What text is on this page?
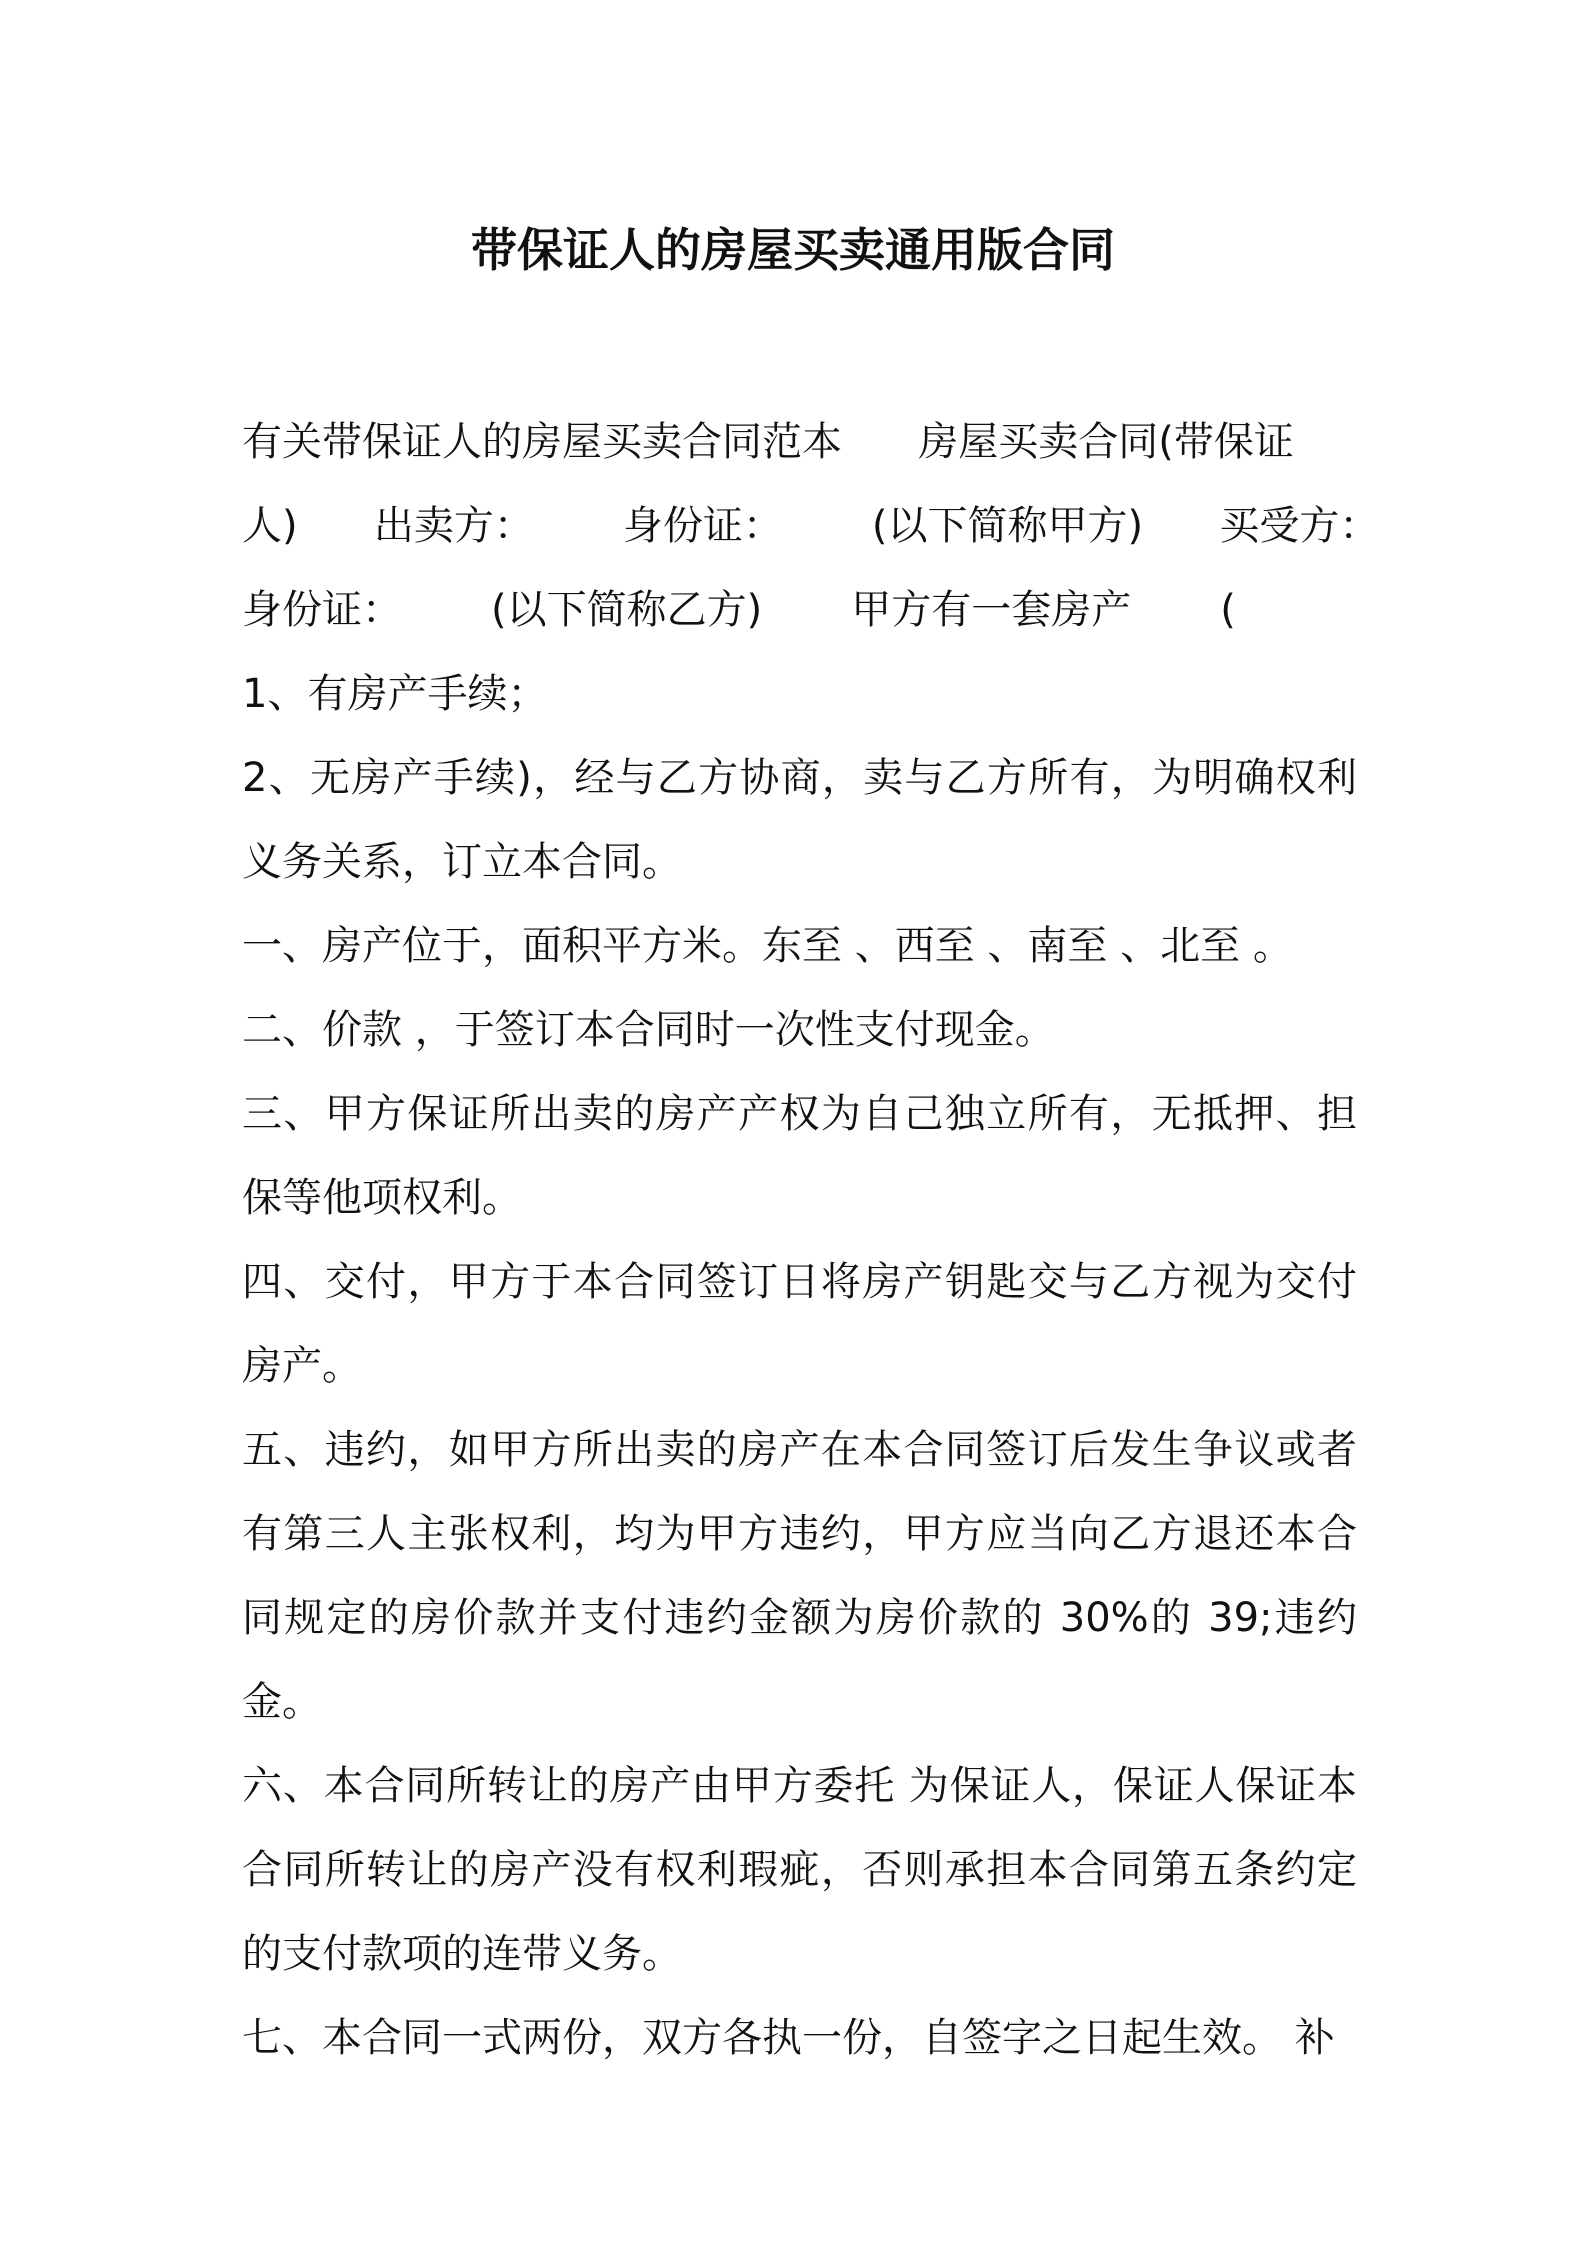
带保证人的房屋买卖通用版合同

有关带保证人的房屋买卖合同范本      房屋买卖合同(带保证

人)      出卖方：       身份证：       (以下简称甲方)      买受方：

身份证：       (以下简称乙方)       甲方有一套房产       (

1、有房产手续；

2、无房产手续)，经与乙方协商，卖与乙方所有，为明确权利义务关系，订立本合同。

一、房产位于，面积平方米。东至 、西至 、南至 、北至 。

二、价款 ，于签订本合同时一次性支付现金。

三、甲方保证所出卖的房产产权为自己独立所有，无抵押、担保等他项权利。

四、交付，甲方于本合同签订日将房产钥匙交与乙方视为交付房产。

五、违约，如甲方所出卖的房产在本合同签订后发生争议或者有第三人主张权利，均为甲方违约，甲方应当向乙方退还本合同规定的房价款并支付违约金额为房价款的 30%的 39;违约金。

六、本合同所转让的房产由甲方委托 为保证人，保证人保证本合同所转让的房产没有权利瑕疵，否则承担本合同第五条约定的支付款项的连带义务。

七、本合同一式两份，双方各执一份，自签字之日起生效。 补
